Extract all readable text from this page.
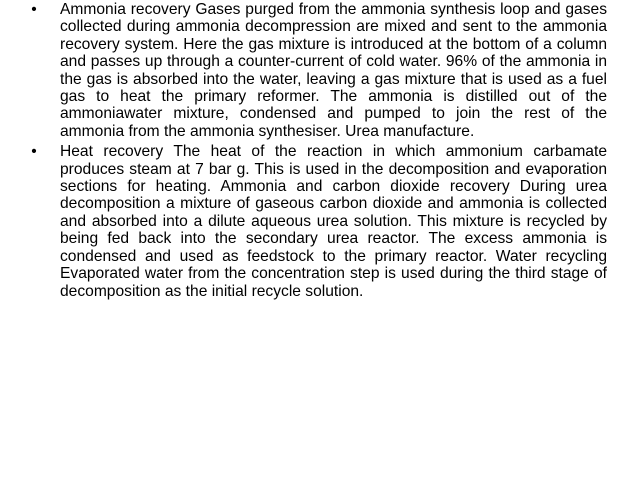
• Ammonia recovery Gases purged from the ammonia synthesis loop and gases collected during ammonia decompression are mixed and sent to the ammonia recovery system. Here the gas mixture is introduced at the bottom of a column and passes up through a counter-current of cold water. 96% of the ammonia in the gas is absorbed into the water, leaving a gas mixture that is used as a fuel gas to heat the primary reformer. The ammonia is distilled out of the ammoniawater mixture, condensed and pumped to join the rest of the ammonia from the ammonia synthesiser. Urea manufacture.
• Heat recovery The heat of the reaction in which ammonium carbamate produces steam at 7 bar g. This is used in the decomposition and evaporation sections for heating. Ammonia and carbon dioxide recovery During urea decomposition a mixture of gaseous carbon dioxide and ammonia is collected and absorbed into a dilute aqueous urea solution. This mixture is recycled by being fed back into the secondary urea reactor. The excess ammonia is condensed and used as feedstock to the primary reactor. Water recycling Evaporated water from the concentration step is used during the third stage of decomposition as the initial recycle solution.
